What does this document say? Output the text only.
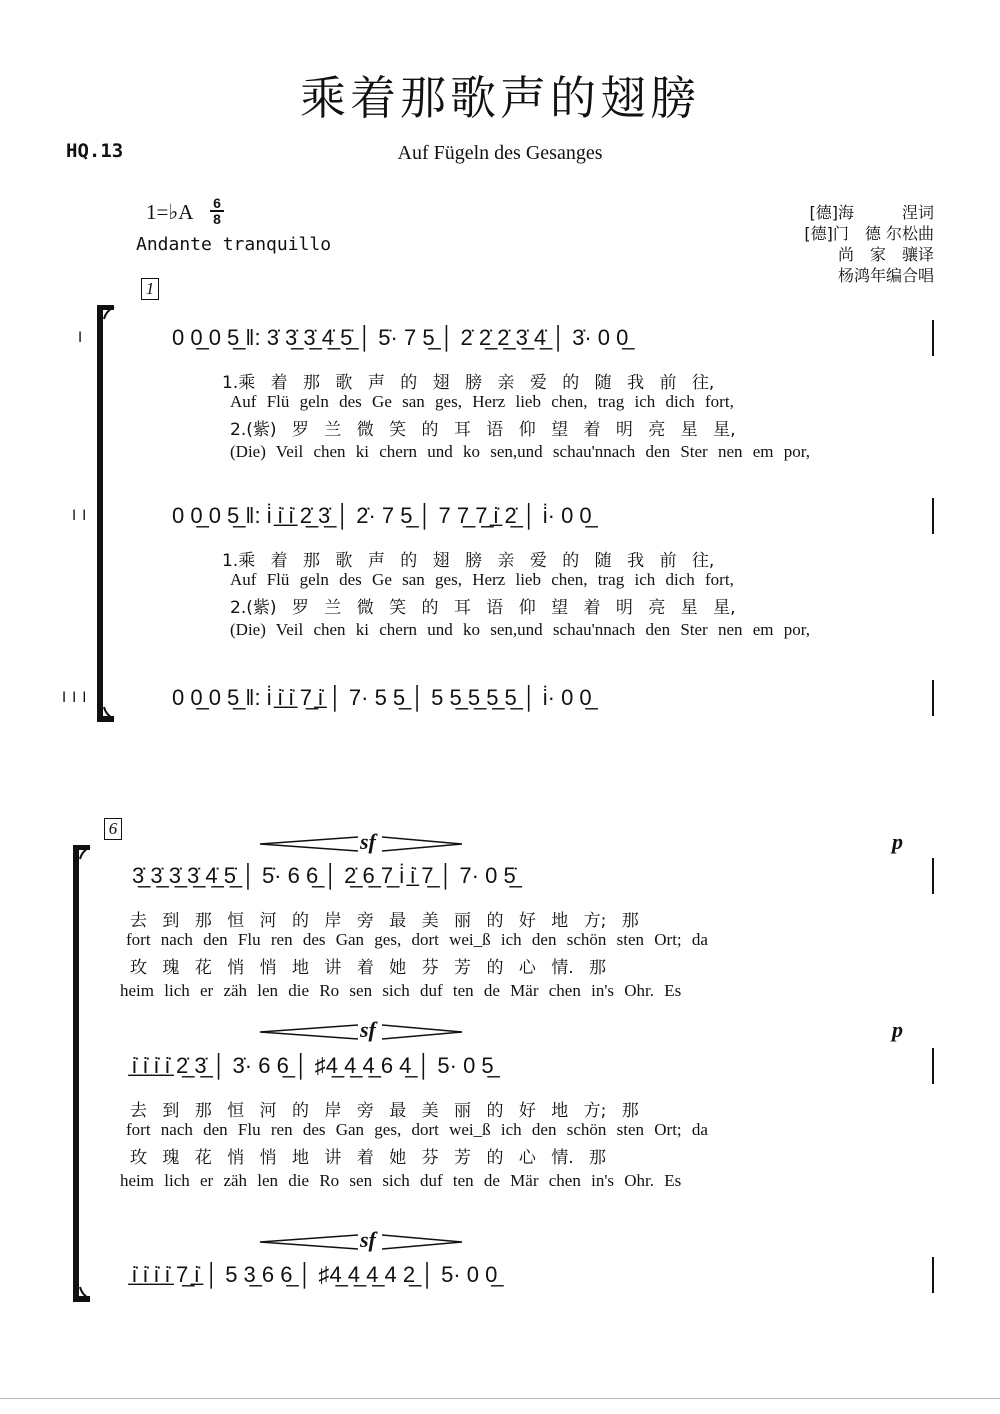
乘着那歌声的翅膀
HQ.13	Auf Fügeln des Gesanges
1=♭A 6
8
Andante tranquillo
[德]海　　　涅词
[德]门　德 尔松曲
尚　家　骧译
杨鸿年编合唱
1
I
II
III
0 0̲ 0 5̲ ‖: 3̇ 3̲̇ 3̲̇ 4̲̇ 5̲̇ │ 5̇· 7 5̲ │ 2̇ 2̲̇ 2̲̇ 3̲̇ 4̲̇ │ 3̇· 0 0̲
1.乘 着 那 歌 声 的 翅 膀 亲 爱 的 随 我 前 往,
Auf Flü geln des Ge san ges, Herz lieb chen, trag ich dich fort,
2.(紫) 罗 兰 微 笑 的 耳 语 仰 望 着 明 亮 星 星,
(Die) Veil chen ki chern und ko sen,und schau'nnach den Ster nen em por,
0 0̲ 0 5̲ ‖: i̇ i̲̇ i̲̇ 2̲̇ 3̲̇ │ 2̇· 7 5̲ │ 7 7̲ 7̲ i̲̇ 2̲̇ │ i̇· 0 0̲
1.乘 着 那 歌 声 的 翅 膀 亲 爱 的 随 我 前 往,
Auf Flü geln des Ge san ges, Herz lieb chen, trag ich dich fort,
2.(紫) 罗 兰 微 笑 的 耳 语 仰 望 着 明 亮 星 星,
(Die) Veil chen ki chern und ko sen,und schau'nnach den Ster nen em por,
0 0̲ 0 5̲ ‖: i̇ i̲̇ i̲̇ 7̲ i̲̇ │ 7· 5 5̲ │ 5 5̲ 5̲ 5̲ 5̲ │ i̇· 0 0̲
6
sf	p
sf	p
sf
3̲̇ 3̲̇ 3̲̇ 3̲̇ 4̲̇ 5̲̇ │ 5̇· 6 6̲ │ 2̲̇ 6̲ 7̲ i̇ i̲̇ 7̲ │ 7· 0 5̲̇
去 到 那 恒 河 的 岸 旁 最 美 丽 的 好 地 方; 那
fort nach den Flu ren des Gan ges, dort wei_ß ich den schön sten Ort; da
玫 瑰 花 悄 悄 地 讲 着 她 芬 芳 的 心 情. 那
heim lich er zäh len die Ro sen sich duf ten de Mär chen in's Ohr. Es
i̲̇ i̲̇ i̲̇ i̲̇ 2̲̇ 3̲̇ │ 3̇· 6 6̲ │ ♯4̲ 4̲ 4̲ 6 4̲ │ 5· 0 5̲
去 到 那 恒 河 的 岸 旁 最 美 丽 的 好 地 方; 那
fort nach den Flu ren des Gan ges, dort wei_ß ich den schön sten Ort; da
玫 瑰 花 悄 悄 地 讲 着 她 芬 芳 的 心 情. 那
heim lich er zäh len die Ro sen sich duf ten de Mär chen in's Ohr. Es
i̲̇ i̲̇ i̲̇ i̲̇ 7̲ i̲̇ │ 5 3̲ 6 6̲ │ ♯4̲ 4̲ 4̲ 4 2̲ │ 5· 0 0̲
